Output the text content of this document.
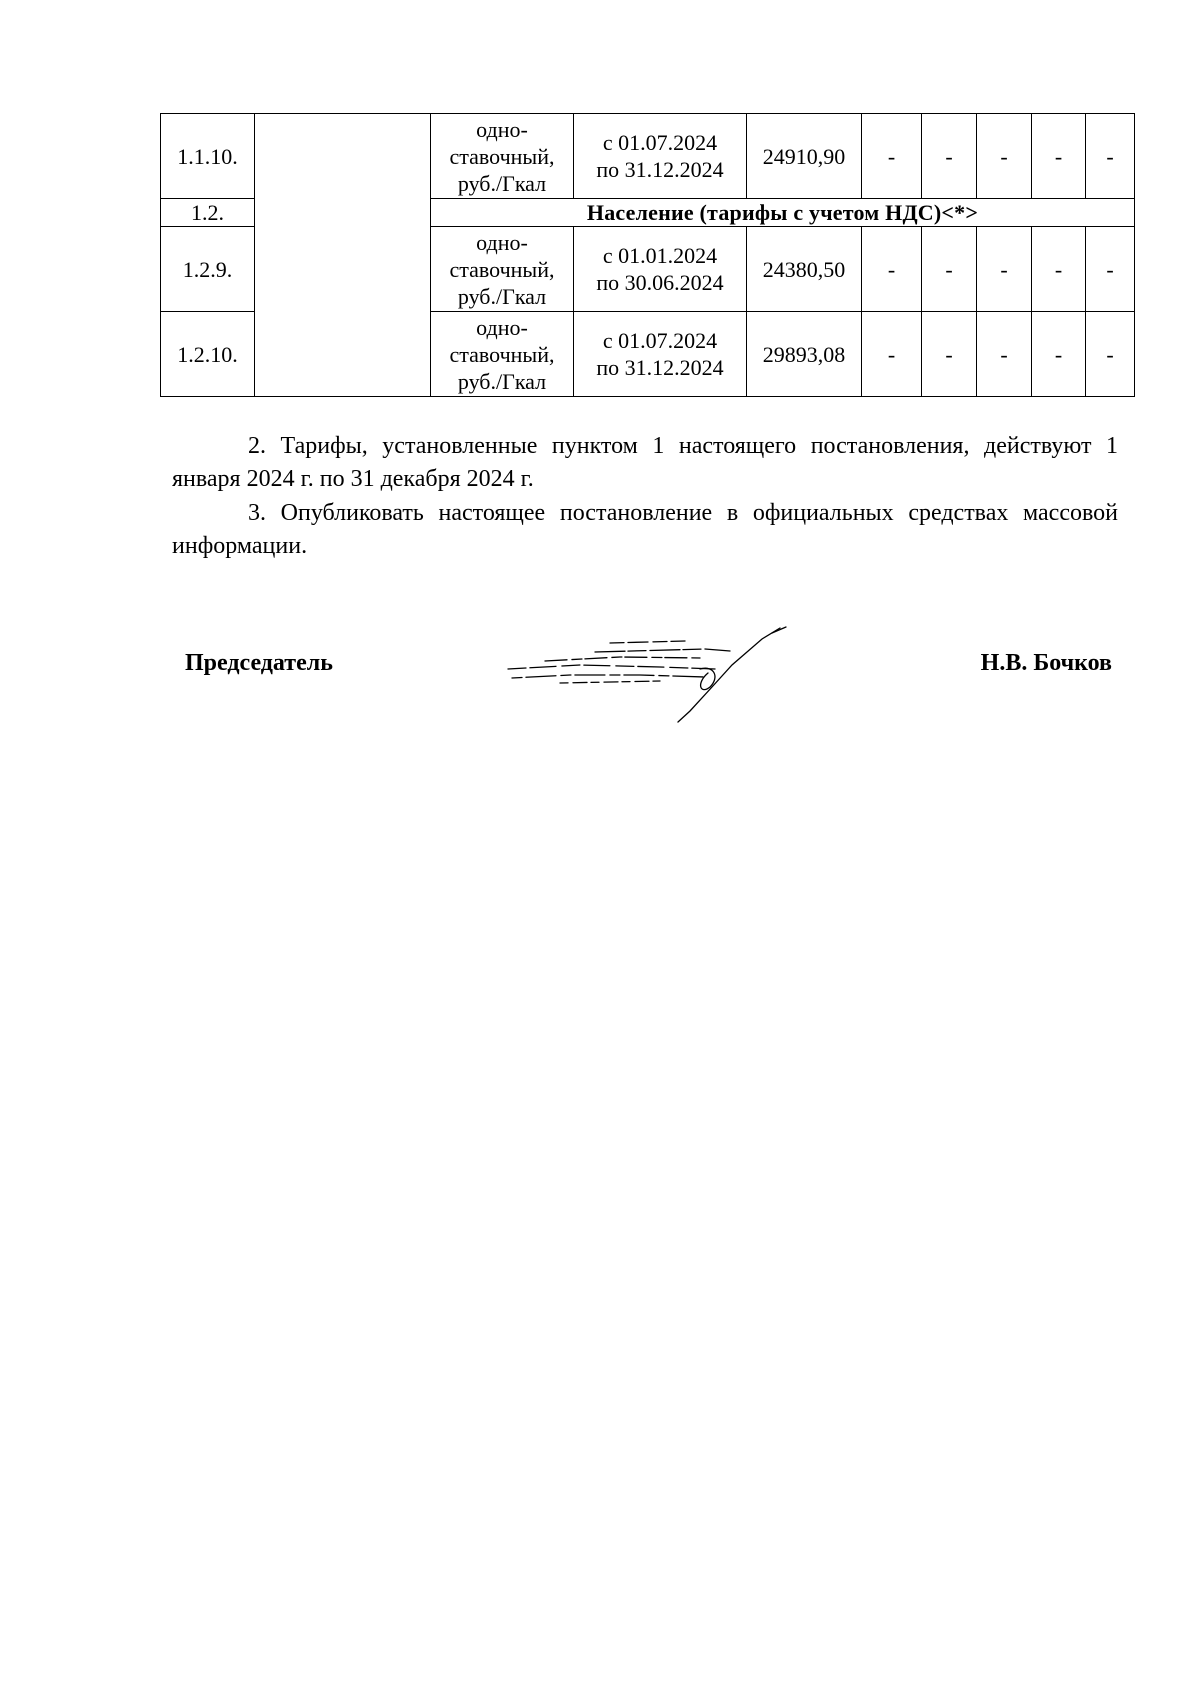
1.1.10.		одно-
ставочный,
руб./Гкал	с 01.07.2024
по 31.12.2024	24910,90	-	-	-	-	-
1.2.		Население (тарифы с учетом НДС)<*>							
1.2.9.		одно-
ставочный,
руб./Гкал	с 01.01.2024
по 30.06.2024	24380,50	-	-	-	-	-
1.2.10.		одно-
ставочный,
руб./Гкал	с 01.07.2024
по 31.12.2024	29893,08	-	-	-	-	-

2. Тарифы, установленные пунктом 1 настоящего постановления, действуют 1 января 2024 г. по 31 декабря 2024 г.

3. Опубликовать настоящее постановление в официальных средствах массовой информации.

Председатель	Н.В. Бочков
